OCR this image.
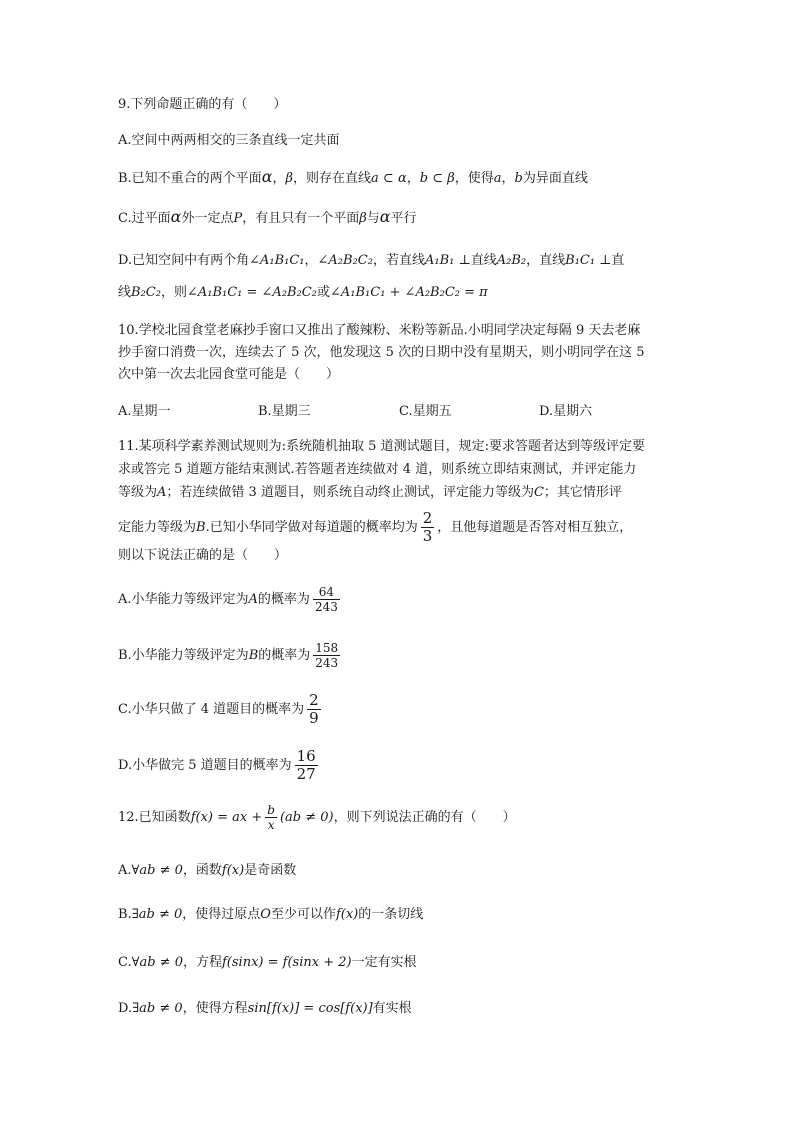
9.下列命题正确的有（　　）
A.空间中两两相交的三条直线一定共面
B.已知不重合的两个平面α，β，则存在直线a ⊂ α，b ⊂ β，使得a，b为异面直线
C.过平面α外一定点P，有且只有一个平面β与α平行
D.已知空间中有两个角∠A₁B₁C₁，∠A₂B₂C₂，若直线A₁B₁ ⊥直线A₂B₂，直线B₁C₁ ⊥直
线B₂C₂，则∠A₁B₁C₁ = ∠A₂B₂C₂或∠A₁B₁C₁ + ∠A₂B₂C₂ = π
10.学校北园食堂老麻抄手窗口又推出了酸辣粉、米粉等新品.小明同学决定每隔 9 天去老麻
抄手窗口消费一次，连续去了 5 次，他发现这 5 次的日期中没有星期天，则小明同学在这 5
次中第一次去北园食堂可能是（　　）
A.星期一	B.星期三	C.星期五	D.星期六
11.某项科学素养测试规则为:系统随机抽取 5 道测试题目，规定:要求答题者达到等级评定要
求或答完 5 道题方能结束测试.若答题者连续做对 4 道，则系统立即结束测试，并评定能力
等级为A；若连续做错 3 道题目，则系统自动终止测试，评定能力等级为C；其它情形评
定能力等级为B.已知小华同学做对每道题的概率均为 $\frac{2}{3}$ ，且他每道题是否答对相互独立，
则以下说法正确的是（　　）
A.小华能力等级评定为A的概率为 $\frac{64}{243}$
B.小华能力等级评定为B的概率为 $\frac{158}{243}$
C.小华只做了 4 道题目的概率为 $\frac{2}{9}$
D.小华做完 5 道题目的概率为 $\frac{16}{27}$
12.已知函数f(x) = ax + $\frac{b}{x} (ab \ne 0)$，则下列说法正确的有（　　）
A.∀ab ≠ 0，函数f(x)是奇函数
B.∃ab ≠ 0，使得过原点O至少可以作f(x)的一条切线
C.∀ab ≠ 0，方程f(sinx) = f(sinx + 2)一定有实根
D.∃ab ≠ 0，使得方程sin[f(x)] = cos[f(x)]有实根
